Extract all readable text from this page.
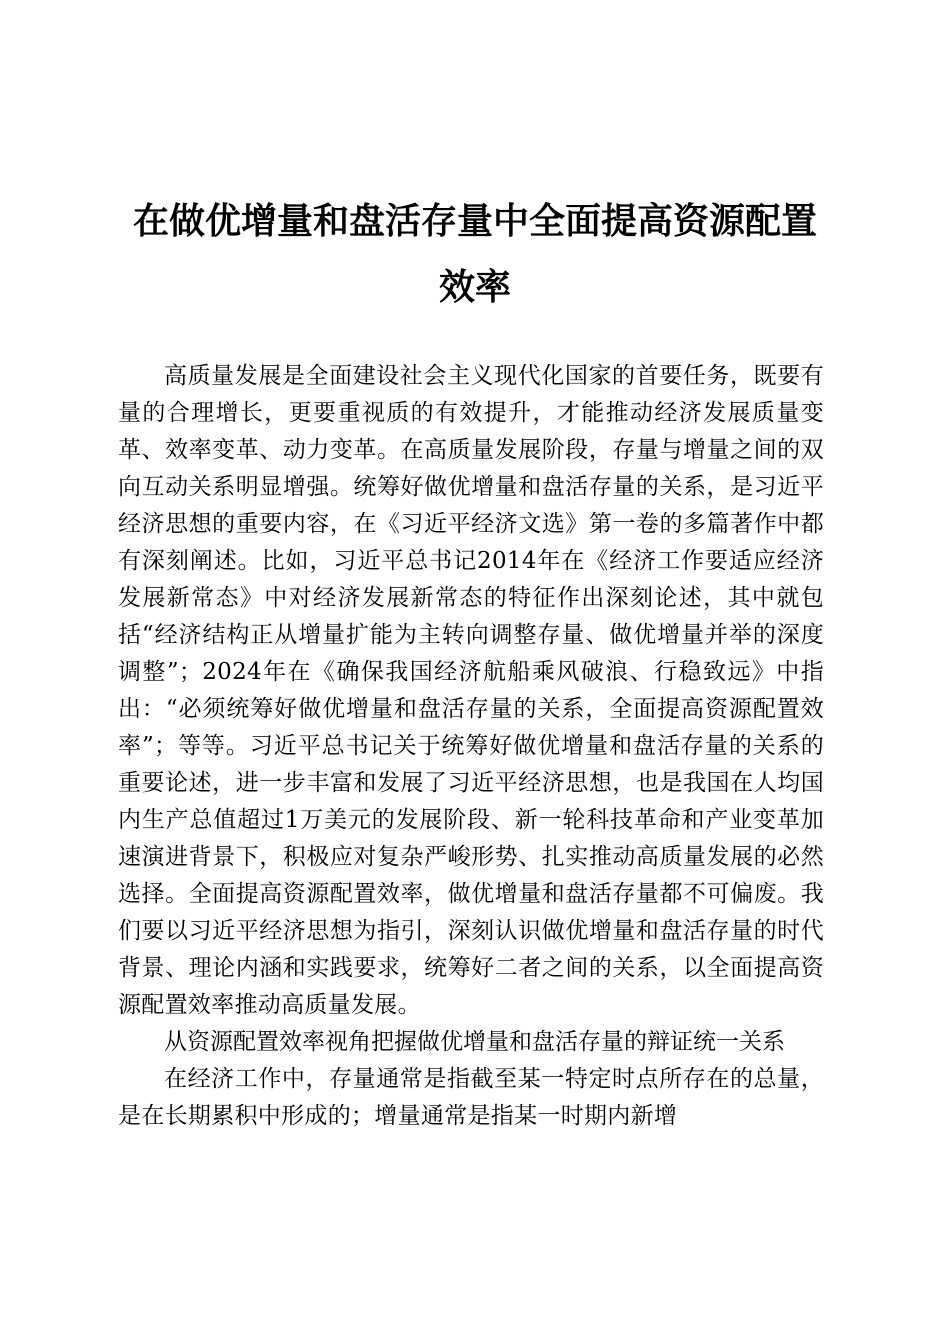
在做优增量和盘活存量中全面提高资源配置效率

高质量发展是全面建设社会主义现代化国家的首要任务，既要有量的合理增长，更要重视质的有效提升，才能推动经济发展质量变革、效率变革、动力变革。在高质量发展阶段，存量与增量之间的双向互动关系明显增强。统筹好做优增量和盘活存量的关系，是习近平经济思想的重要内容，在《习近平经济文选》第一卷的多篇著作中都有深刻阐述。比如，习近平总书记2014年在《经济工作要适应经济发展新常态》中对经济发展新常态的特征作出深刻论述，其中就包括“经济结构正从增量扩能为主转向调整存量、做优增量并举的深度调整”；2024年在《确保我国经济航船乘风破浪、行稳致远》中指出：“必须统筹好做优增量和盘活存量的关系，全面提高资源配置效率”；等等。习近平总书记关于统筹好做优增量和盘活存量的关系的重要论述，进一步丰富和发展了习近平经济思想，也是我国在人均国内生产总值超过1万美元的发展阶段、新一轮科技革命和产业变革加速演进背景下，积极应对复杂严峻形势、扎实推动高质量发展的必然选择。全面提高资源配置效率，做优增量和盘活存量都不可偏废。我们要以习近平经济思想为指引，深刻认识做优增量和盘活存量的时代背景、理论内涵和实践要求，统筹好二者之间的关系，以全面提高资源配置效率推动高质量发展。

从资源配置效率视角把握做优增量和盘活存量的辩证统一关系

在经济工作中，存量通常是指截至某一特定时点所存在的总量，是在长期累积中形成的；增量通常是指某一时期内新增
